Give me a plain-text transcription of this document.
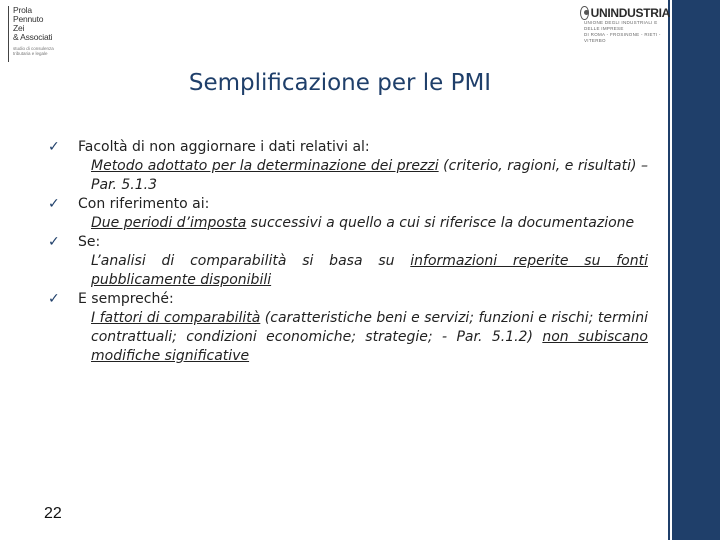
Prola
Pennuto
Zei
& Associati
studio di consulenza
tributaria e legale
UNINDUSTRIA
UNIONE DEGLI INDUSTRIALI E DELLE IMPRESE
DI ROMA - FROSINONE - RIETI - VITERBO
Semplificazione per le PMI
✓	Facoltà di non aggiornare i dati relativi al:
Metodo adottato per la determinazione dei prezzi (criterio, ragioni, e risultati) – Par. 5.1.3
✓	Con riferimento ai:
Due periodi d’imposta successivi a quello a cui si riferisce la documentazione
✓	Se:
L’analisi di comparabilità si basa su informazioni reperite su fonti pubblicamente disponibili
✓	E sempreché:
I fattori di comparabilità (caratteristiche beni e servizi; funzioni e rischi; termini contrattuali; condizioni economiche; strategie; - Par. 5.1.2) non subiscano modifiche significative
22
